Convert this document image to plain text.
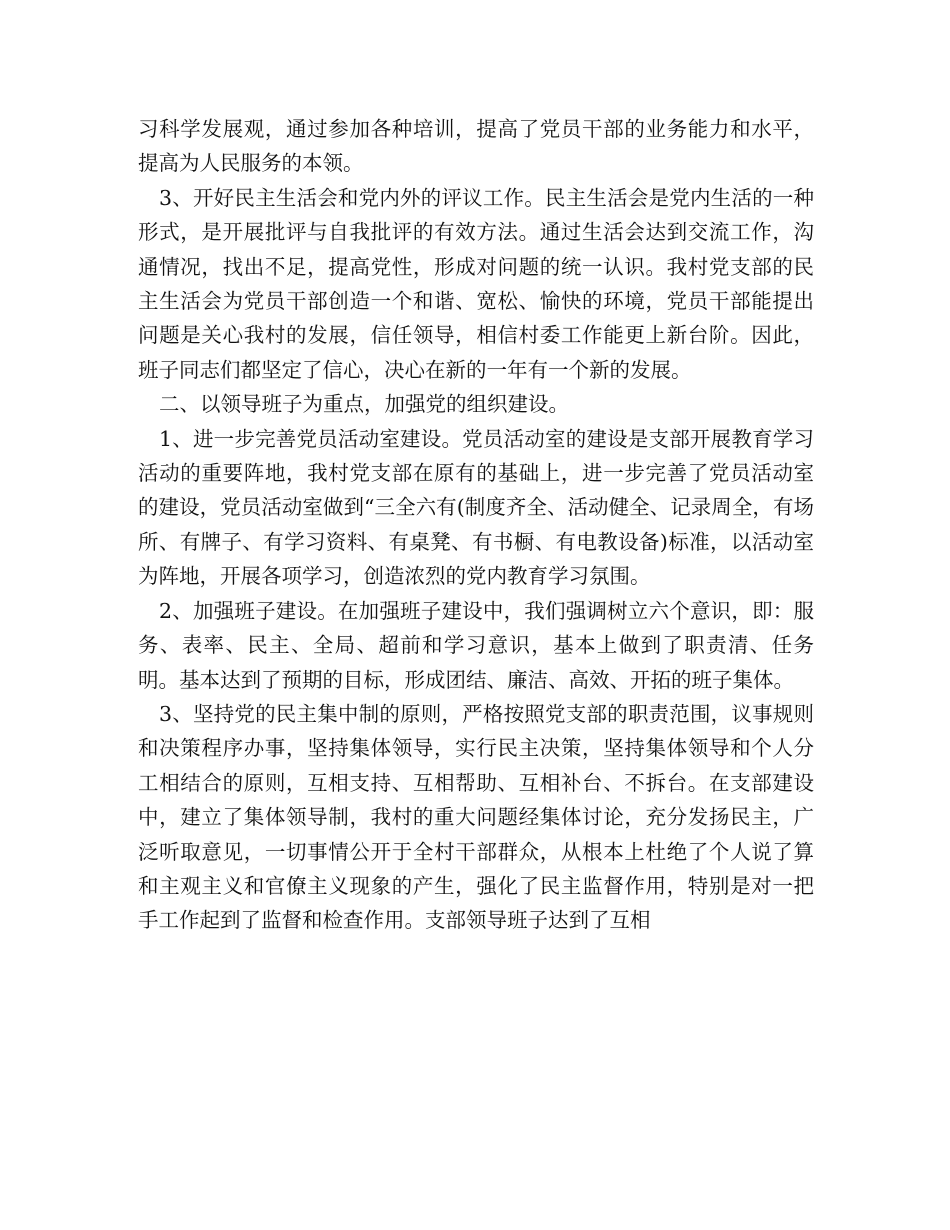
习科学发展观，通过参加各种培训，提高了党员干部的业务能力和水平，提高为人民服务的本领。

3、开好民主生活会和党内外的评议工作。民主生活会是党内生活的一种形式，是开展批评与自我批评的有效方法。通过生活会达到交流工作，沟通情况，找出不足，提高党性，形成对问题的统一认识。我村党支部的民主生活会为党员干部创造一个和谐、宽松、愉快的环境，党员干部能提出问题是关心我村的发展，信任领导，相信村委工作能更上新台阶。因此，班子同志们都坚定了信心，决心在新的一年有一个新的发展。

二、以领导班子为重点，加强党的组织建设。

1、进一步完善党员活动室建设。党员活动室的建设是支部开展教育学习活动的重要阵地，我村党支部在原有的基础上，进一步完善了党员活动室的建设，党员活动室做到“三全六有(制度齐全、活动健全、记录周全，有场所、有牌子、有学习资料、有桌凳、有书橱、有电教设备)标准，以活动室为阵地，开展各项学习，创造浓烈的党内教育学习氛围。

2、加强班子建设。在加强班子建设中，我们强调树立六个意识，即：服务、表率、民主、全局、超前和学习意识，基本上做到了职责清、任务明。基本达到了预期的目标，形成团结、廉洁、高效、开拓的班子集体。

3、坚持党的民主集中制的原则，严格按照党支部的职责范围，议事规则和决策程序办事，坚持集体领导，实行民主决策，坚持集体领导和个人分工相结合的原则，互相支持、互相帮助、互相补台、不拆台。在支部建设中，建立了集体领导制，我村的重大问题经集体讨论，充分发扬民主，广泛听取意见，一切事情公开于全村干部群众，从根本上杜绝了个人说了算和主观主义和官僚主义现象的产生，强化了民主监督作用，特别是对一把手工作起到了监督和检查作用。支部领导班子达到了互相
